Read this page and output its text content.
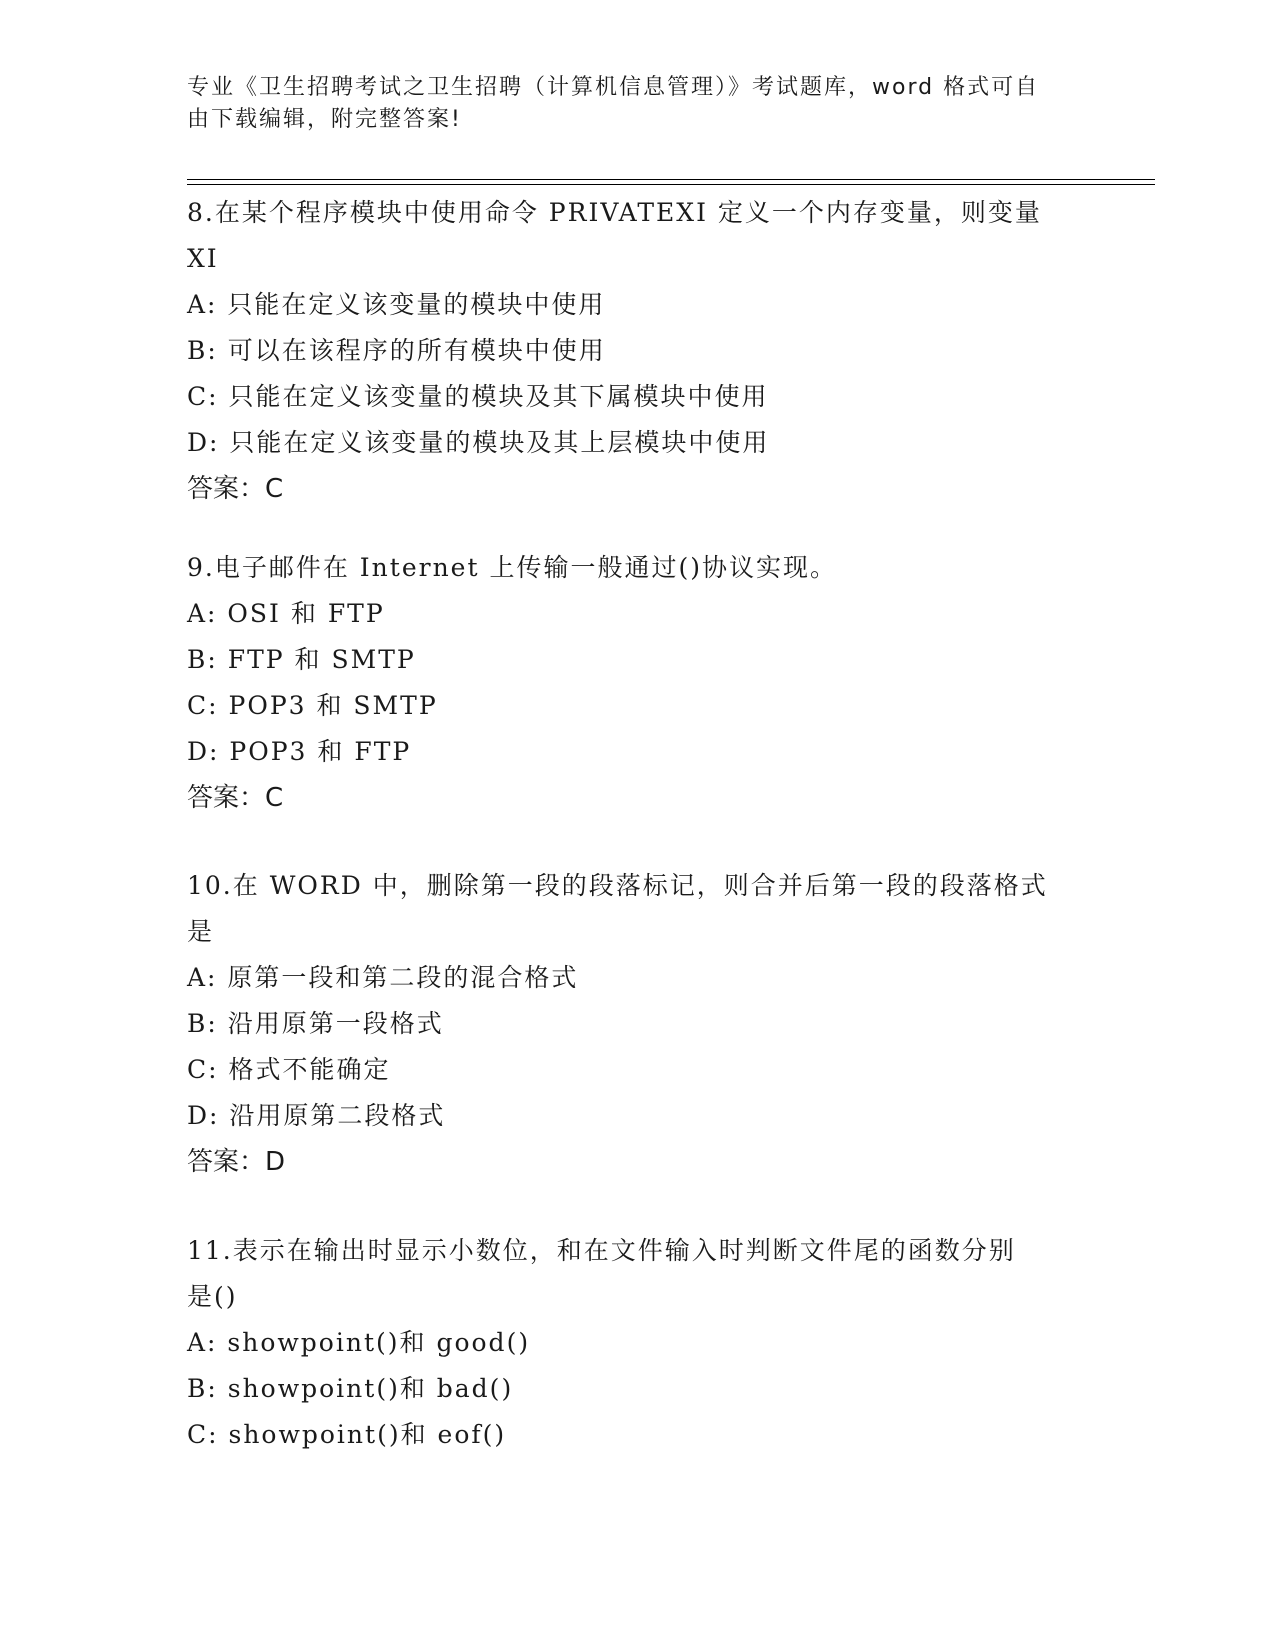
专业《卫生招聘考试之卫生招聘（计算机信息管理）》考试题库，word 格式可自
由下载编辑，附完整答案!
8.在某个程序模块中使用命令 PRIVATEXI 定义一个内存变量，则变量
XI
A: 只能在定义该变量的模块中使用
B: 可以在该程序的所有模块中使用
C: 只能在定义该变量的模块及其下属模块中使用
D: 只能在定义该变量的模块及其上层模块中使用
答案：C
9.电子邮件在 Internet 上传输一般通过()协议实现。
A: OSI 和 FTP
B: FTP 和 SMTP
C: POP3 和 SMTP
D: POP3 和 FTP
答案：C
10.在 WORD 中，删除第一段的段落标记，则合并后第一段的段落格式
是
A: 原第一段和第二段的混合格式
B: 沿用原第一段格式
C: 格式不能确定
D: 沿用原第二段格式
答案：D
11.表示在输出时显示小数位，和在文件输入时判断文件尾的函数分别
是()
A: showpoint()和 good()
B: showpoint()和 bad()
C: showpoint()和 eof()
